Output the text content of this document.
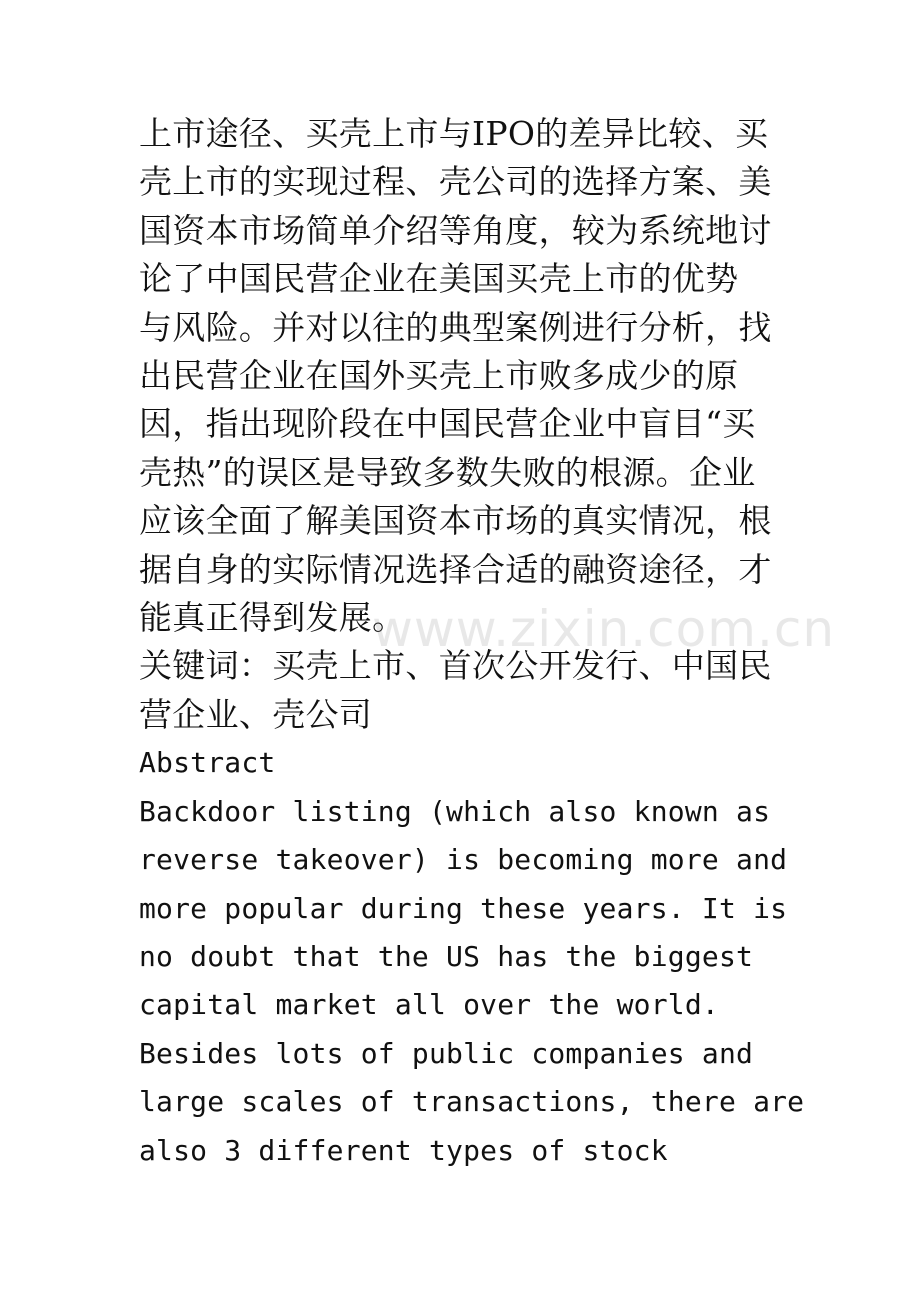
上市途径、买壳上市与IPO的差异比较、买
壳上市的实现过程、壳公司的选择方案、美
国资本市场简单介绍等角度，较为系统地讨
论了中国民营企业在美国买壳上市的优势
与风险。并对以往的典型案例进行分析，找
出民营企业在国外买壳上市败多成少的原
因，指出现阶段在中国民营企业中盲目“买
壳热”的误区是导致多数失败的根源。企业
应该全面了解美国资本市场的真实情况，根
据自身的实际情况选择合适的融资途径，才
能真正得到发展。
关键词：买壳上市、首次公开发行、中国民
营企业、壳公司
Abstract
Backdoor listing (which also known as
reverse takeover) is becoming more and
more popular during these years. It is
no doubt that the US has the biggest
capital market all over the world.
Besides lots of public companies and
large scales of transactions, there are
also 3 different types of stock
www.zixin.com.cn
